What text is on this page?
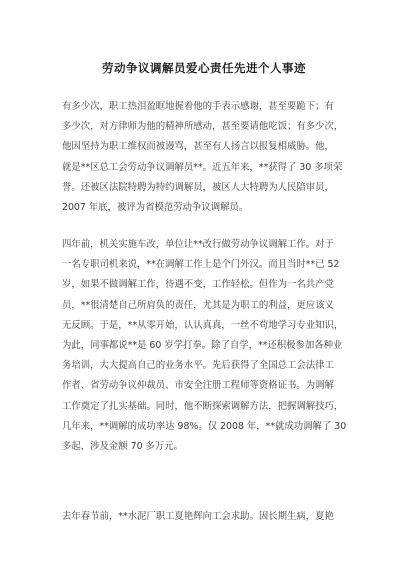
劳动争议调解员爱心责任先进个人事迹
有多少次，职工热泪盈眶地握着他的手表示感谢，甚至要跪下；有
多少次，对方律师为他的精神所感动，甚至要请他吃饭；有多少次，
他因坚持为职工维权而被谩骂，甚至有人扬言以报复相威胁。他，
就是**区总工会劳动争议调解员**。近五年来，**获得了 30 多项荣
誉。还被区法院特聘为特约调解员，被区人大特聘为人民陪审员，
2007 年底，被评为省模范劳动争议调解员。
四年前，机关实施车改，单位让**改行做劳动争议调解工作。对于
一名专职司机来说，**在调解工作上是个门外汉。而且当时**已 52
岁，如果不做调解工作，待遇不变，工作轻松。但作为一名共产党
员，**很清楚自己所肩负的责任，尤其是为职工的利益，更应该义
无反顾。于是，**从零开始，认认真真，一丝不苟地学习专业知识，
为此，同事都说**是 60 岁学打拳。除了自学，**还积极参加各种业
务培训，大大提高自己的业务水平。先后获得了全国总工会法律工
作者、省劳动争议仲裁员、市安全注册工程师等资格证书。为调解
工作奠定了扎实基础。同时，他不断探索调解方法，把握调解技巧，
几年来，**调解的成功率达 98%。仅 2008 年，**就成功调解了 30
多起，涉及金额 70 多万元。
去年春节前，**水泥厂职工夏艳辉向工会求助。因长期生病，夏艳
